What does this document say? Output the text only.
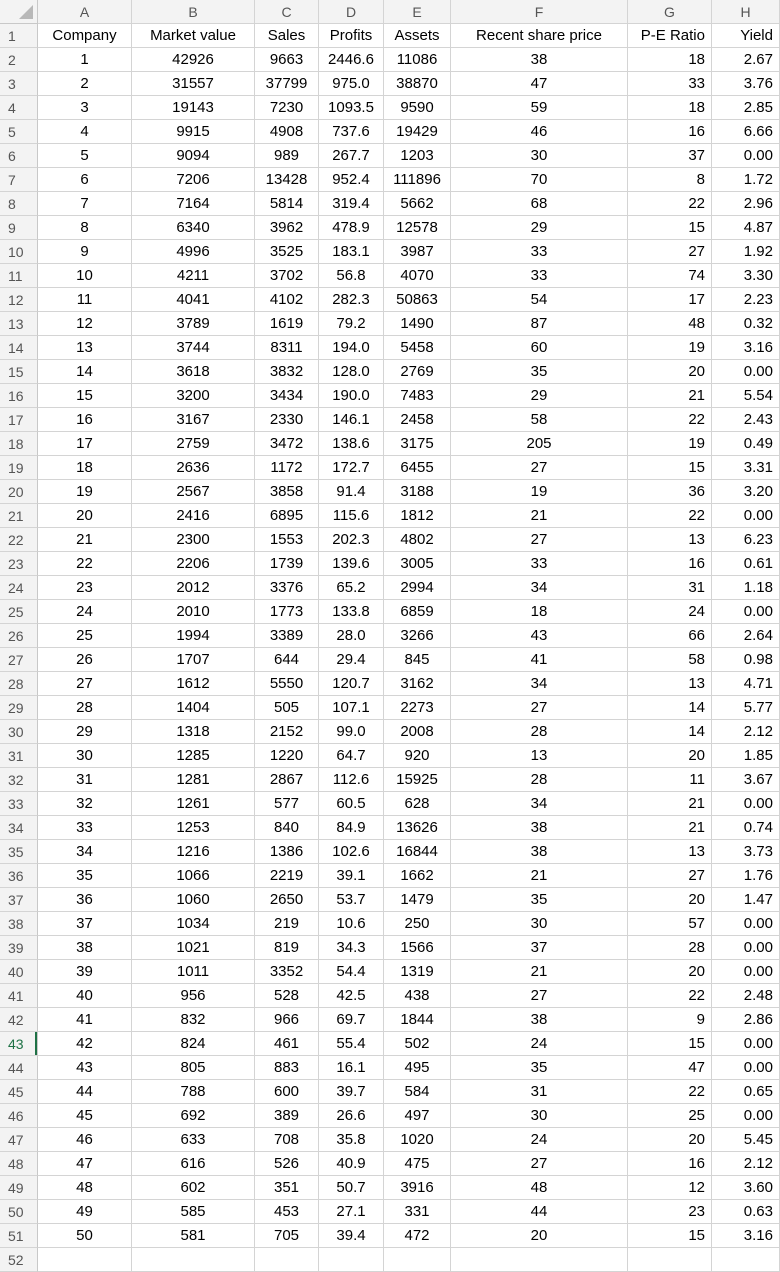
A	B	C	D	E	F	G	H
1	Company	Market value	Sales	Profits	Assets	Recent share price	P-E Ratio	Yield
2	1	42926	9663	2446.6	11086	38	18	2.67
3	2	31557	37799	975.0	38870	47	33	3.76
4	3	19143	7230	1093.5	9590	59	18	2.85
5	4	9915	4908	737.6	19429	46	16	6.66
6	5	9094	989	267.7	1203	30	37	0.00
7	6	7206	13428	952.4	111896	70	8	1.72
8	7	7164	5814	319.4	5662	68	22	2.96
9	8	6340	3962	478.9	12578	29	15	4.87
10	9	4996	3525	183.1	3987	33	27	1.92
11	10	4211	3702	56.8	4070	33	74	3.30
12	11	4041	4102	282.3	50863	54	17	2.23
13	12	3789	1619	79.2	1490	87	48	0.32
14	13	3744	8311	194.0	5458	60	19	3.16
15	14	3618	3832	128.0	2769	35	20	0.00
16	15	3200	3434	190.0	7483	29	21	5.54
17	16	3167	2330	146.1	2458	58	22	2.43
18	17	2759	3472	138.6	3175	205	19	0.49
19	18	2636	1172	172.7	6455	27	15	3.31
20	19	2567	3858	91.4	3188	19	36	3.20
21	20	2416	6895	115.6	1812	21	22	0.00
22	21	2300	1553	202.3	4802	27	13	6.23
23	22	2206	1739	139.6	3005	33	16	0.61
24	23	2012	3376	65.2	2994	34	31	1.18
25	24	2010	1773	133.8	6859	18	24	0.00
26	25	1994	3389	28.0	3266	43	66	2.64
27	26	1707	644	29.4	845	41	58	0.98
28	27	1612	5550	120.7	3162	34	13	4.71
29	28	1404	505	107.1	2273	27	14	5.77
30	29	1318	2152	99.0	2008	28	14	2.12
31	30	1285	1220	64.7	920	13	20	1.85
32	31	1281	2867	112.6	15925	28	11	3.67
33	32	1261	577	60.5	628	34	21	0.00
34	33	1253	840	84.9	13626	38	21	0.74
35	34	1216	1386	102.6	16844	38	13	3.73
36	35	1066	2219	39.1	1662	21	27	1.76
37	36	1060	2650	53.7	1479	35	20	1.47
38	37	1034	219	10.6	250	30	57	0.00
39	38	1021	819	34.3	1566	37	28	0.00
40	39	1011	3352	54.4	1319	21	20	0.00
41	40	956	528	42.5	438	27	22	2.48
42	41	832	966	69.7	1844	38	9	2.86
43	42	824	461	55.4	502	24	15	0.00
44	43	805	883	16.1	495	35	47	0.00
45	44	788	600	39.7	584	31	22	0.65
46	45	692	389	26.6	497	30	25	0.00
47	46	633	708	35.8	1020	24	20	5.45
48	47	616	526	40.9	475	27	16	2.12
49	48	602	351	50.7	3916	48	12	3.60
50	49	585	453	27.1	331	44	23	0.63
51	50	581	705	39.4	472	20	15	3.16
52
